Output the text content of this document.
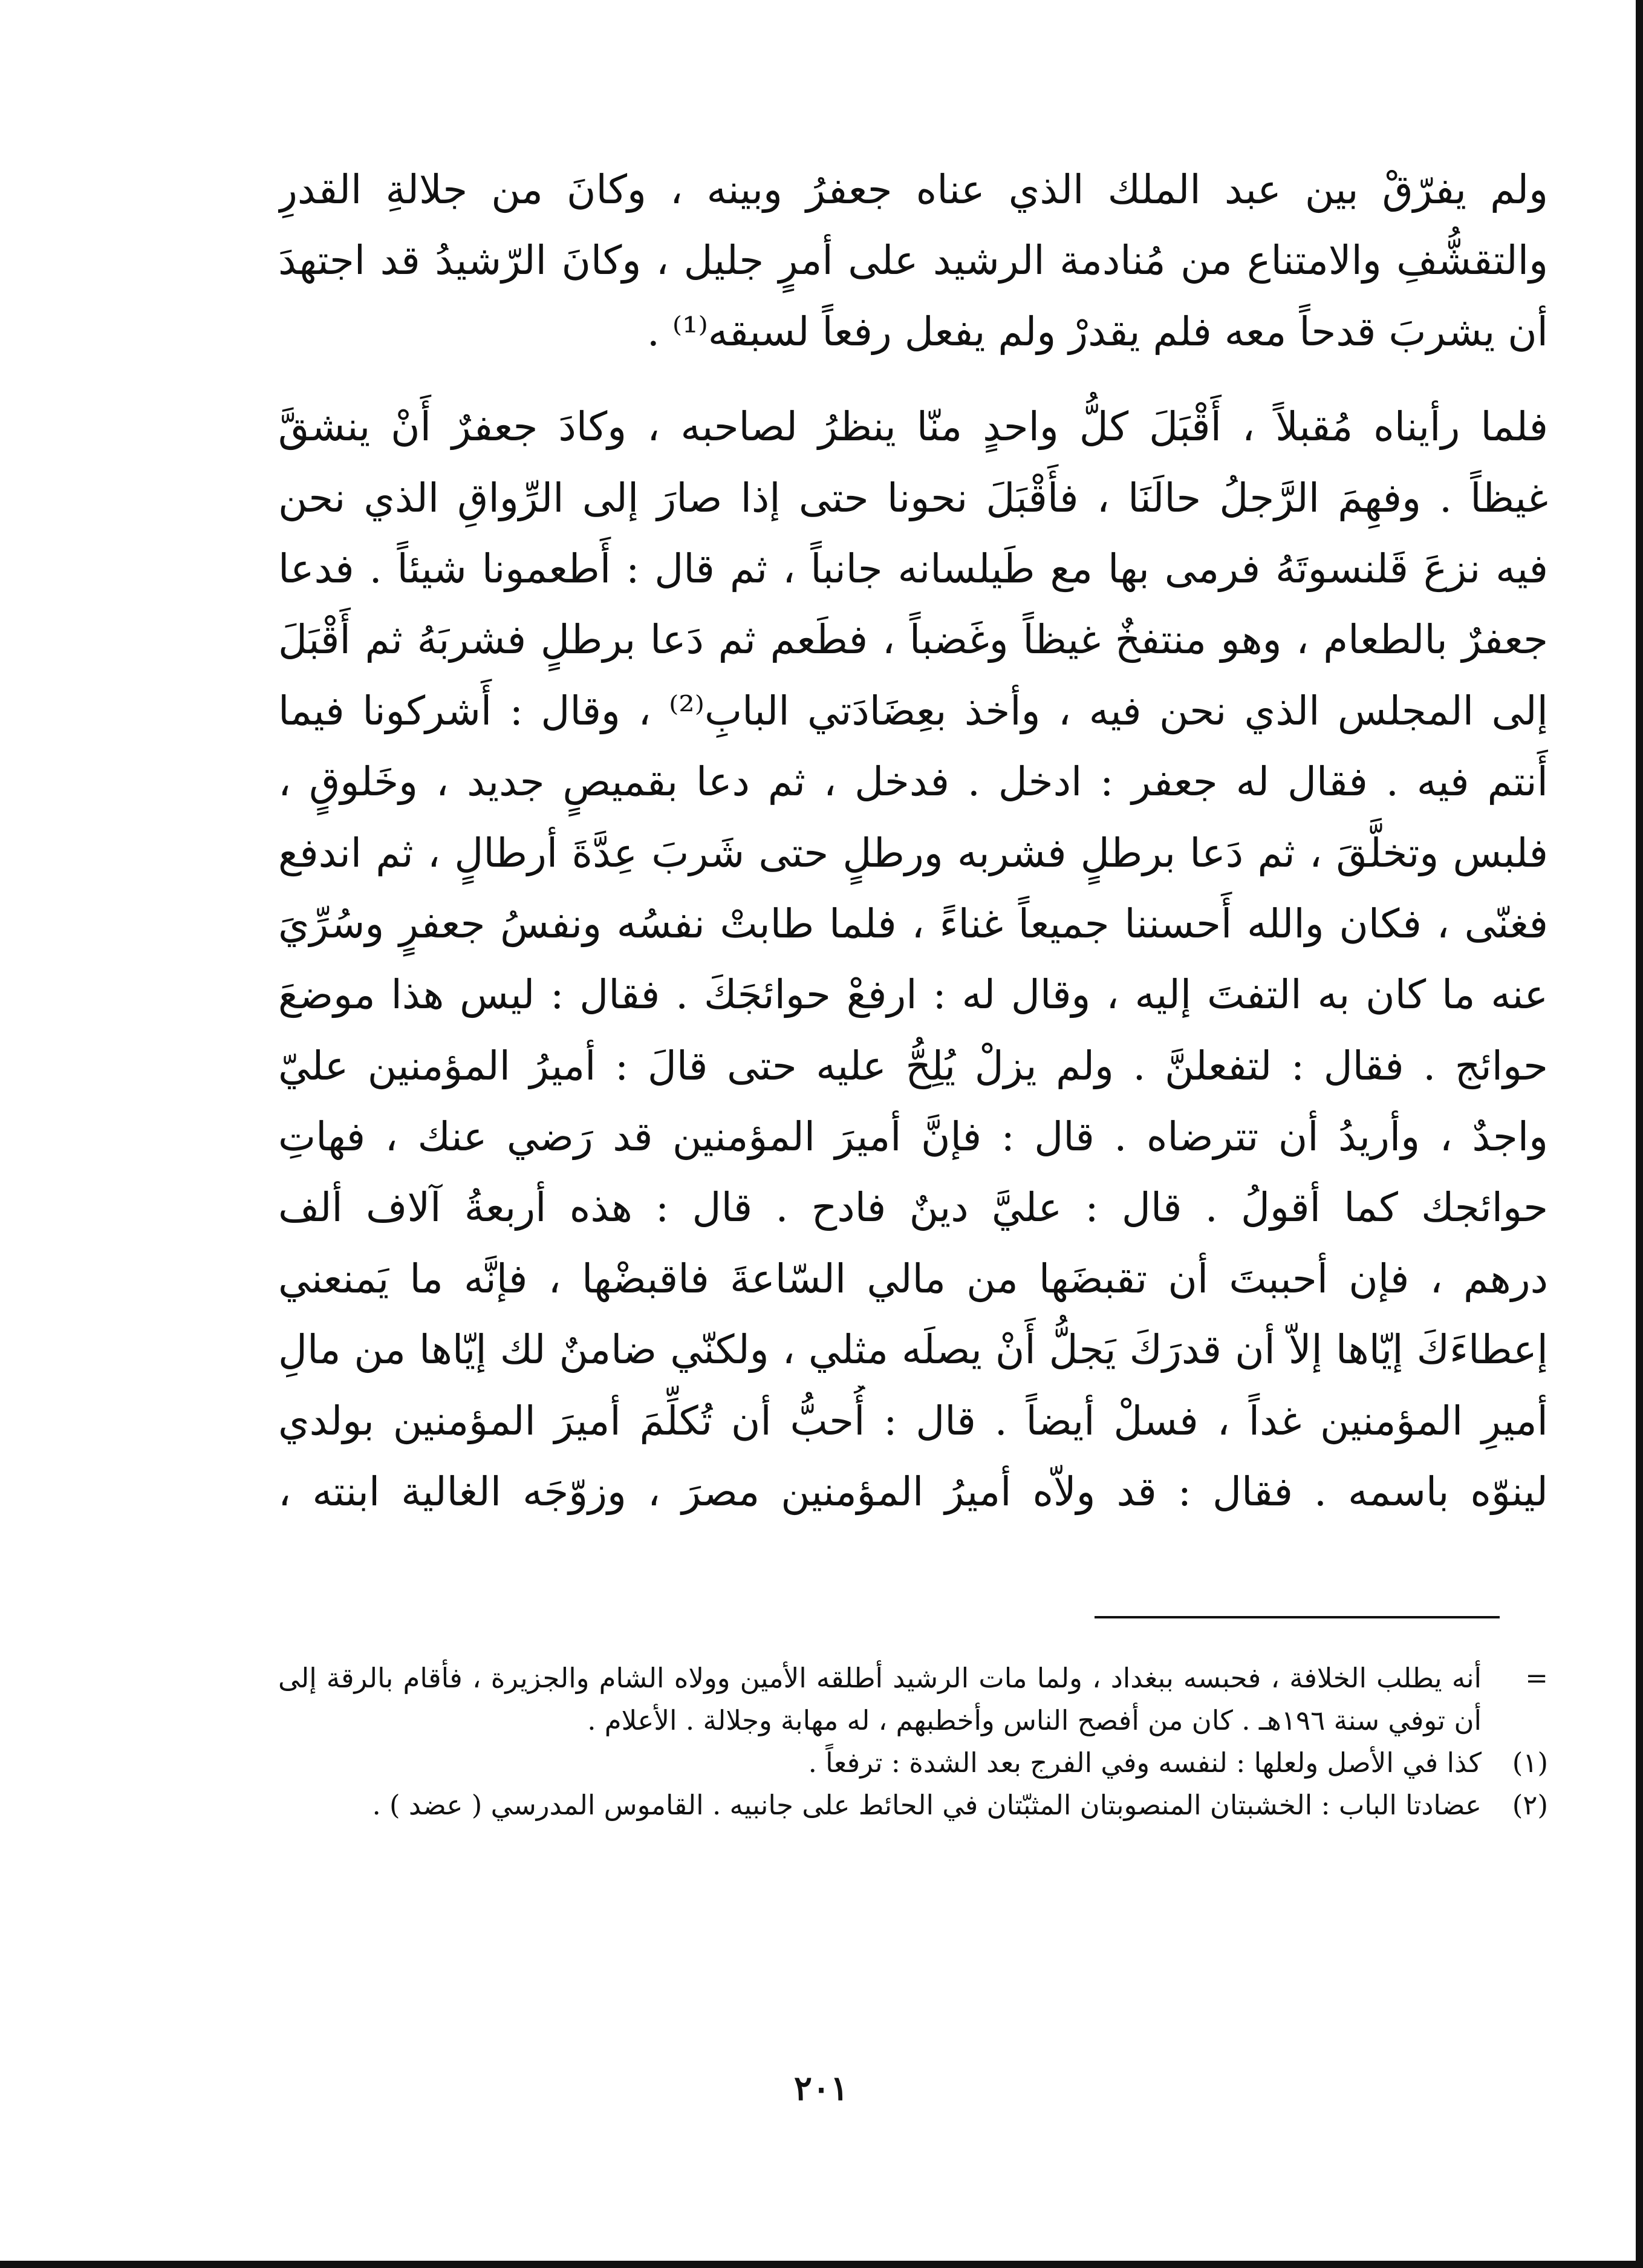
ولم يفرّقْ بين عبد الملك الذي عناه جعفرُ وبينه ، وكانَ من جلالةِ القدرِ
والتقشُّفِ والامتناع من مُنادمة الرشيد على أمرٍ جليل ، وكانَ الرّشيدُ قد اجتهدَ
أن يشربَ قدحاً معه فلم يقدرْ ولم يفعل رفعاً لسبقه⁽¹⁾ .
فلما رأيناه مُقبلاً ، أَقْبَلَ كلُّ واحدٍ منّا ينظرُ لصاحبه ، وكادَ جعفرٌ أَنْ ينشقَّ
غيظاً . وفهِمَ الرَّجلُ حالَنَا ، فأَقْبَلَ نحونا حتى إذا صارَ إلى الرِّواقِ الذي نحن
فيه نزعَ قَلنسوتَهُ فرمى بها مع طَيلسانه جانباً ، ثم قال : أَطعمونا شيئاً . فدعا
جعفرٌ بالطعام ، وهو منتفخٌ غيظاً وغَضباً ، فطَعم ثم دَعا برطلٍ فشربَهُ ثم أَقْبَلَ
إلى المجلس الذي نحن فيه ، وأخذ بعِضَادَتي البابِ⁽²⁾ ، وقال : أَشركونا فيما
أَنتم فيه . فقال له جعفر : ادخل . فدخل ، ثم دعا بقميصٍ جديد ، وخَلوقٍ ،
فلبس وتخلَّقَ ، ثم دَعا برطلٍ فشربه ورطلٍ حتى شَربَ عِدَّةَ أرطالٍ ، ثم اندفع
فغنّى ، فكان والله أَحسننا جميعاً غناءً ، فلما طابتْ نفسُه ونفسُ جعفرٍ وسُرِّيَ
عنه ما كان به التفتَ إليه ، وقال له : ارفعْ حوائجَكَ . فقال : ليس هذا موضعَ
حوائج . فقال : لتفعلنَّ . ولم يزلْ يُلِحُّ عليه حتى قالَ : أميرُ المؤمنين عليّ
واجدٌ ، وأريدُ أن تترضاه . قال : فإنَّ أميرَ المؤمنين قد رَضي عنك ، فهاتِ
حوائجك كما أقولُ . قال : عليَّ دينٌ فادح . قال : هذه أربعةُ آلاف ألف
درهم ، فإن أحببتَ أن تقبضَها من مالي السّاعةَ فاقبضْها ، فإنَّه ما يَمنعني
إعطاءَكَ إيّاها إلاّ أن قدرَكَ يَجلُّ أَنْ يصلَه مثلي ، ولكنّي ضامنٌ لك إيّاها من مالِ
أميرِ المؤمنين غداً ، فسلْ أيضاً . قال : أُحبُّ أن تُكلِّمَ أميرَ المؤمنين بولدي
لينوّه باسمه . فقال : قد ولاّه أميرُ المؤمنين مصرَ ، وزوّجَه الغالية ابنته ،
=
أنه يطلب الخلافة ، فحبسه ببغداد ، ولما مات الرشيد أطلقه الأمين وولاه الشام والجزيرة ، فأقام بالرقة إلى أن توفي سنة ١٩٦هـ . كان من أفصح الناس وأخطبهم ، له مهابة وجلالة . الأعلام .
(١)
كذا في الأصل ولعلها : لنفسه وفي الفرج بعد الشدة : ترفعاً .
(٢)
عضادتا الباب : الخشبتان المنصوبتان المثبّتان في الحائط على جانبيه . القاموس المدرسي ( عضد ) .
٢٠١
